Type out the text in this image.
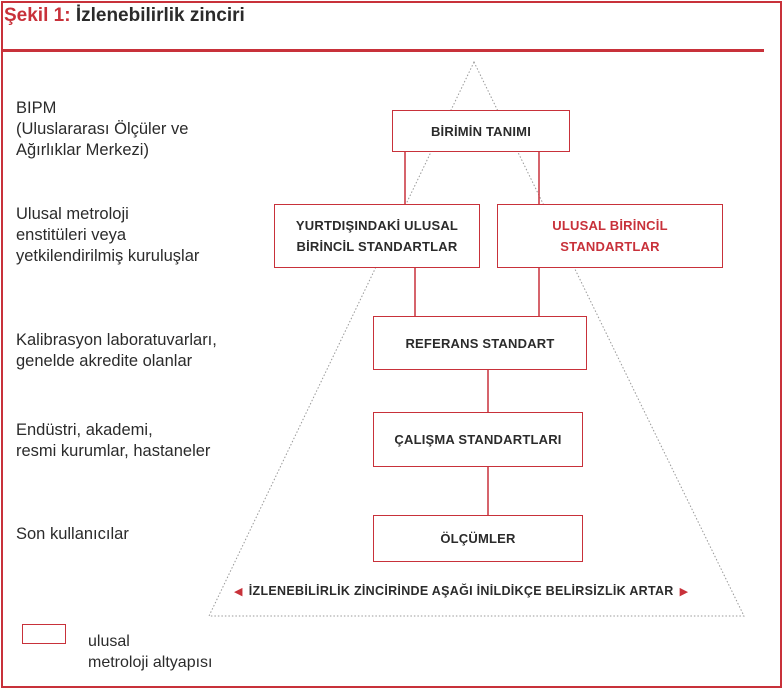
Şekil 1: İzlenebilirlik zinciri
BIPM
(Uluslararası Ölçüler ve
Ağırlıklar Merkezi)
Ulusal metroloji
enstitüleri veya
yetkilendirilmiş kuruluşlar
Kalibrasyon laboratuvarları,
genelde akredite olanlar
Endüstri, akademi,
resmi kurumlar, hastaneler
Son kullanıcılar
BİRİMİN TANIMI
YURTDIŞINDAKİ ULUSAL
BİRİNCİL STANDARTLAR
ULUSAL BİRİNCİL
STANDARTLAR
REFERANS STANDART
ÇALIŞMA STANDARTLARI
ÖLÇÜMLER
◀ İZLENEBİLİRLİK ZİNCİRİNDE AŞAĞI İNİLDİKÇE BELİRSİZLİK ARTAR ▶
ulusal
metroloji altyapısı
